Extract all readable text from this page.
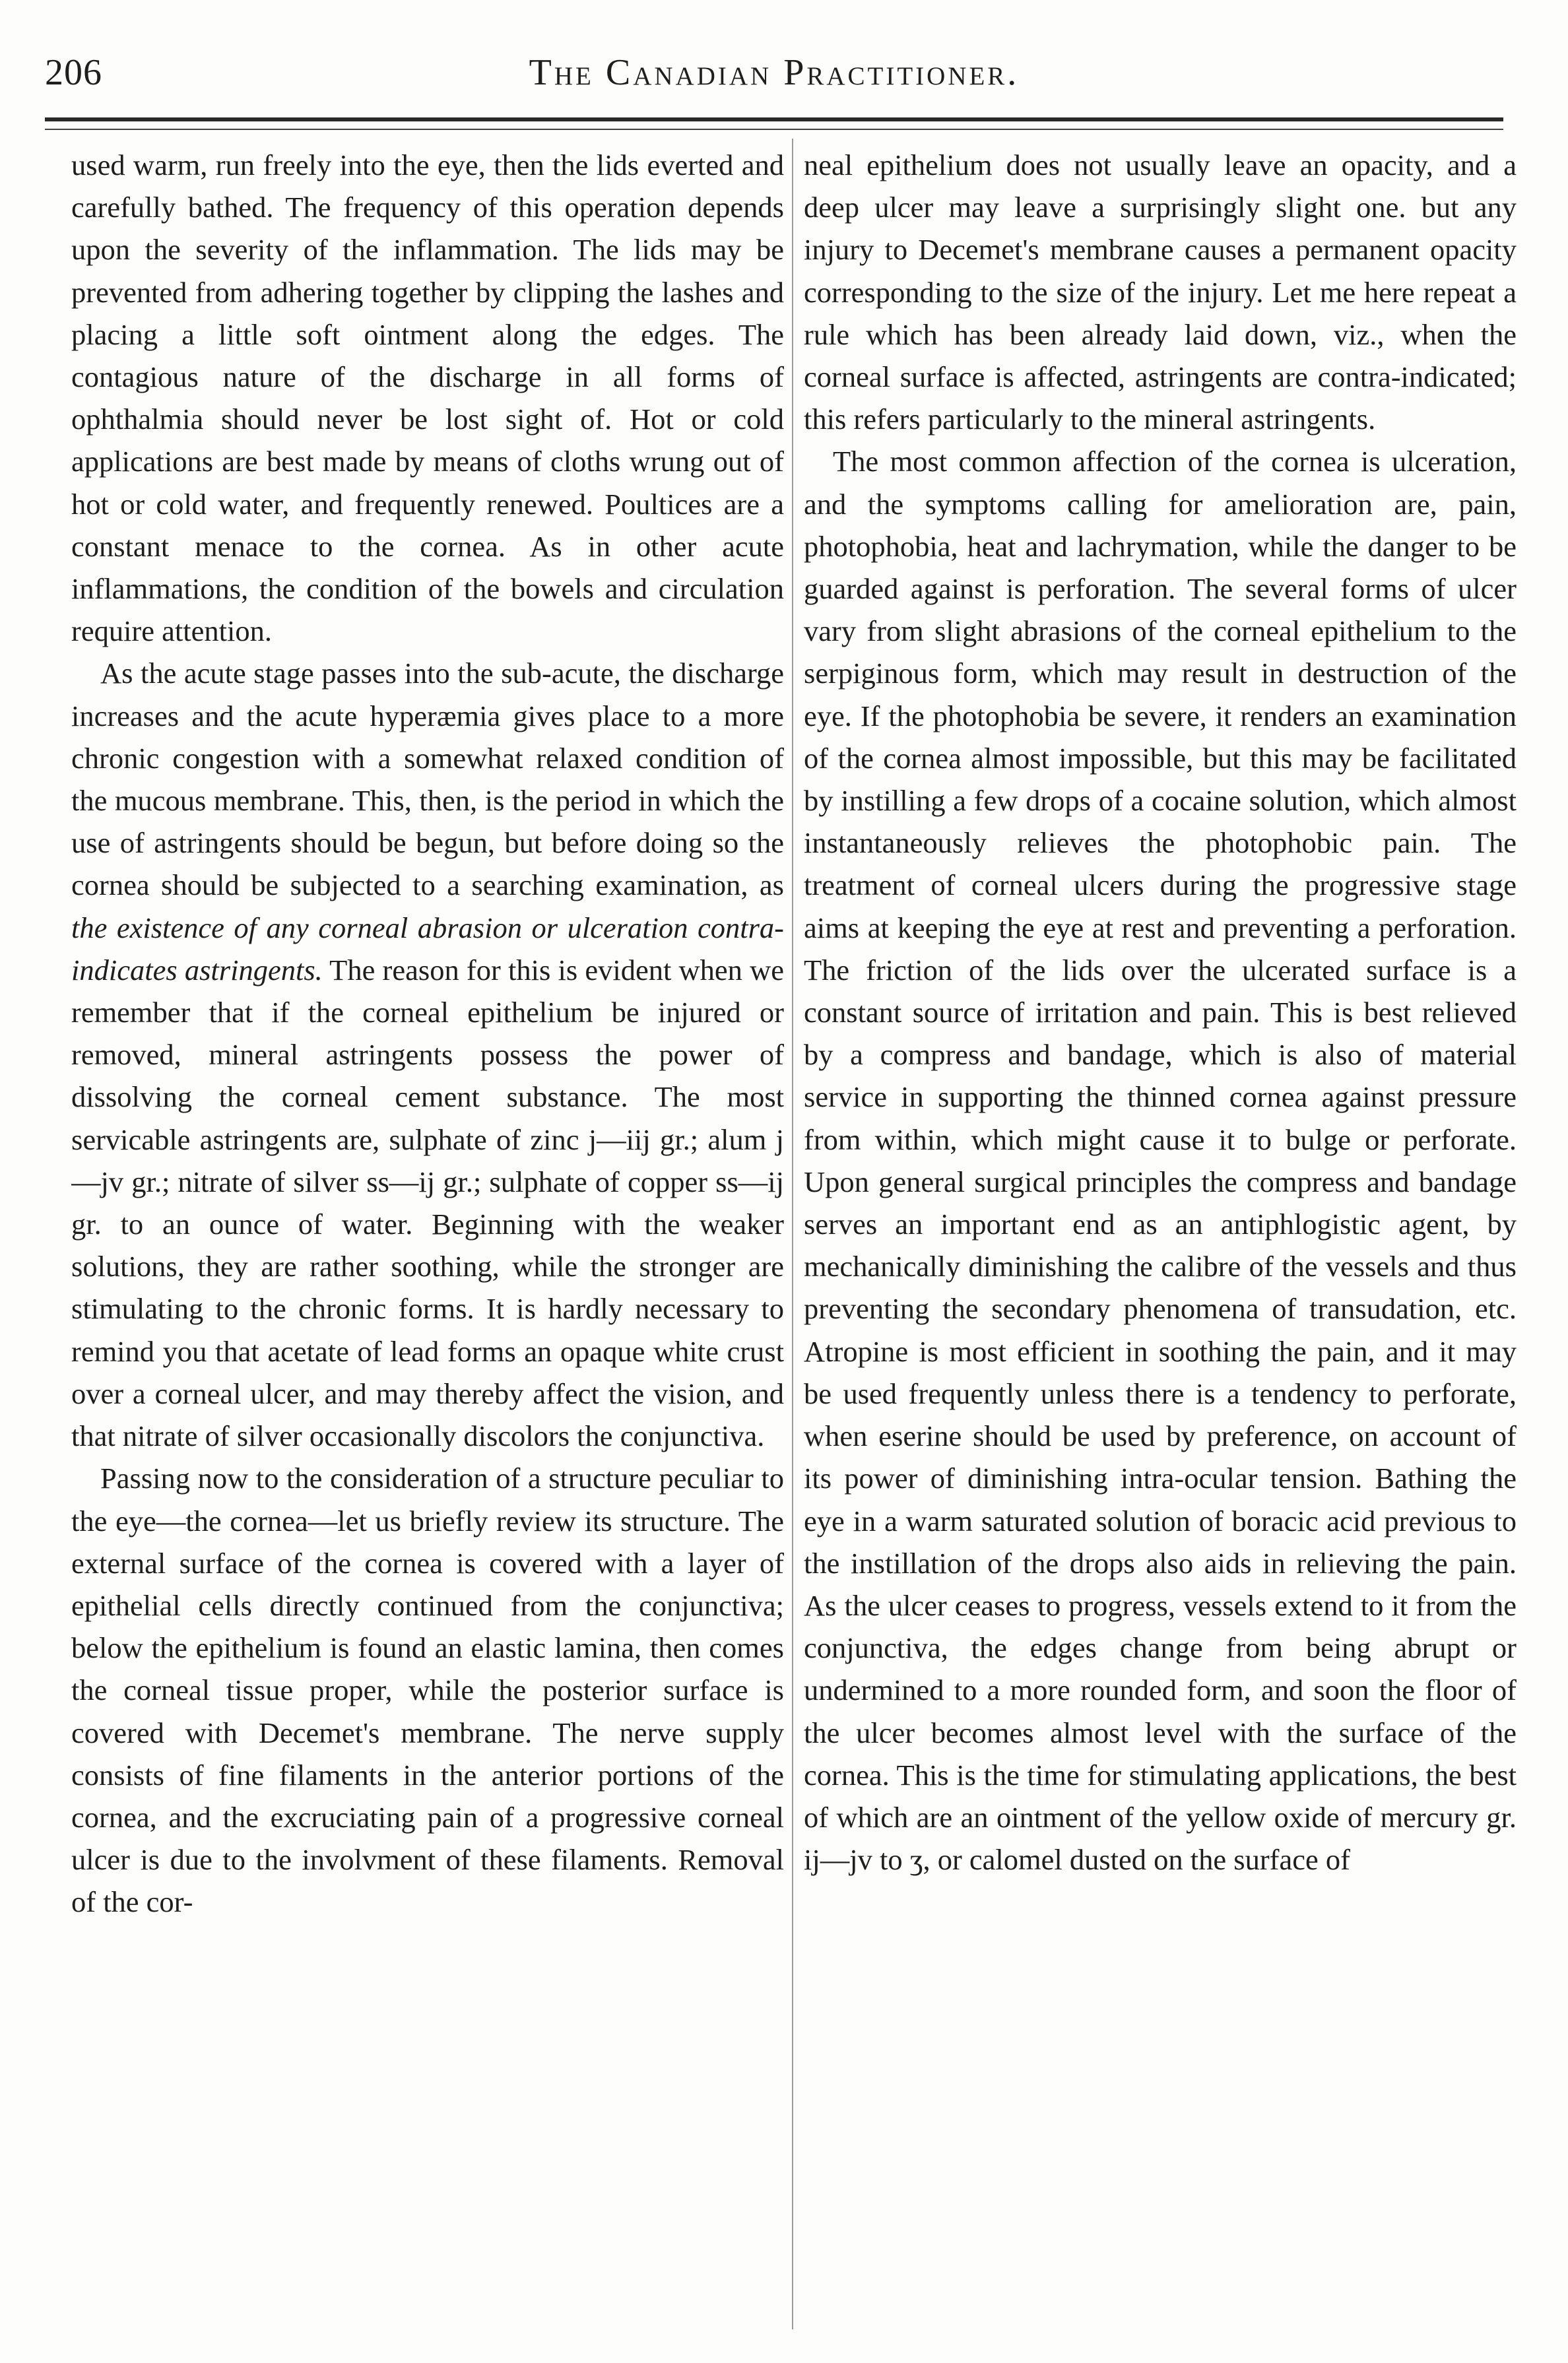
206	The Canadian Practitioner.

used warm, run freely into the eye, then the lids everted and carefully bathed. The frequency of this operation depends upon the severity of the inflammation. The lids may be prevented from adhering together by clipping the lashes and placing a little soft ointment along the edges. The contagious nature of the discharge in all forms of ophthalmia should never be lost sight of. Hot or cold applications are best made by means of cloths wrung out of hot or cold water, and frequently renewed. Poultices are a constant menace to the cornea. As in other acute inflammations, the condition of the bowels and circulation require attention.

As the acute stage passes into the sub-acute, the discharge increases and the acute hyperæmia gives place to a more chronic congestion with a somewhat relaxed condition of the mucous membrane. This, then, is the period in which the use of astringents should be begun, but before doing so the cornea should be subjected to a searching examination, as the existence of any corneal abrasion or ulceration contraindicates astringents. The reason for this is evident when we remember that if the corneal epithelium be injured or removed, mineral astringents possess the power of dissolving the corneal cement substance. The most servicable astringents are, sulphate of zinc j—iij gr.; alum j—jv gr.; nitrate of silver ss—ij gr.; sulphate of copper ss—ij gr. to an ounce of water. Beginning with the weaker solutions, they are rather soothing, while the stronger are stimulating to the chronic forms. It is hardly necessary to remind you that acetate of lead forms an opaque white crust over a corneal ulcer, and may thereby affect the vision, and that nitrate of silver occasionally discolors the conjunctiva.

Passing now to the consideration of a structure peculiar to the eye—the cornea—let us briefly review its structure. The external surface of the cornea is covered with a layer of epithelial cells directly continued from the conjunctiva; below the epithelium is found an elastic lamina, then comes the corneal tissue proper, while the posterior surface is covered with Decemet's membrane. The nerve supply consists of fine filaments in the anterior portions of the cornea, and the excruciating pain of a progressive corneal ulcer is due to the involvment of these filaments. Removal of the cor-

neal epithelium does not usually leave an opacity, and a deep ulcer may leave a surprisingly slight one. but any injury to Decemet's membrane causes a permanent opacity corresponding to the size of the injury. Let me here repeat a rule which has been already laid down, viz., when the corneal surface is affected, astringents are contra-indicated; this refers particularly to the mineral astringents.

The most common affection of the cornea is ulceration, and the symptoms calling for amelioration are, pain, photophobia, heat and lachrymation, while the danger to be guarded against is perforation. The several forms of ulcer vary from slight abrasions of the corneal epithelium to the serpiginous form, which may result in destruction of the eye. If the photophobia be severe, it renders an examination of the cornea almost impossible, but this may be facilitated by instilling a few drops of a cocaine solution, which almost instantaneously relieves the photophobic pain. The treatment of corneal ulcers during the progressive stage aims at keeping the eye at rest and preventing a perforation. The friction of the lids over the ulcerated surface is a constant source of irritation and pain. This is best relieved by a compress and bandage, which is also of material service in supporting the thinned cornea against pressure from within, which might cause it to bulge or perforate. Upon general surgical principles the compress and bandage serves an important end as an antiphlogistic agent, by mechanically diminishing the calibre of the vessels and thus preventing the secondary phenomena of transudation, etc. Atropine is most efficient in soothing the pain, and it may be used frequently unless there is a tendency to perforate, when eserine should be used by preference, on account of its power of diminishing intra-ocular tension. Bathing the eye in a warm saturated solution of boracic acid previous to the instillation of the drops also aids in relieving the pain. As the ulcer ceases to progress, vessels extend to it from the conjunctiva, the edges change from being abrupt or undermined to a more rounded form, and soon the floor of the ulcer becomes almost level with the surface of the cornea. This is the time for stimulating applications, the best of which are an ointment of the yellow oxide of mercury gr. ij—jv to ʒ, or calomel dusted on the surface of
